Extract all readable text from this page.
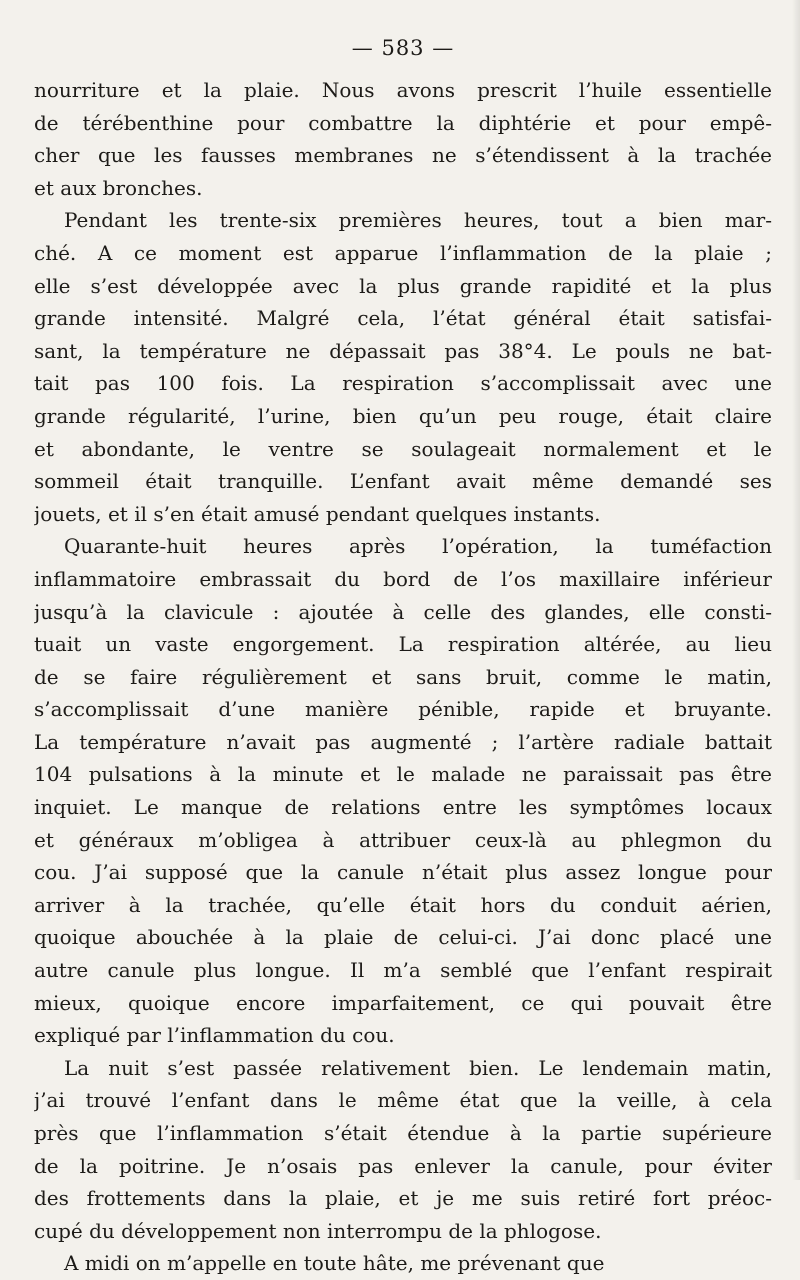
— 583 —

nourriture et la plaie. Nous avons prescrit l’huile essentielle
de térébenthine pour combattre la diphtérie et pour empê-
cher que les fausses membranes ne s’étendissent à la trachée
et aux bronches.

Pendant les trente-six premières heures, tout a bien mar-
ché. A ce moment est apparue l’inflammation de la plaie ;
elle s’est développée avec la plus grande rapidité et la plus
grande intensité. Malgré cela, l’état général était satisfai-
sant, la température ne dépassait pas 38°4. Le pouls ne bat-
tait pas 100 fois. La respiration s’accomplissait avec une
grande régularité, l’urine, bien qu’un peu rouge, était claire
et abondante, le ventre se soulageait normalement et le
sommeil était tranquille. L’enfant avait même demandé ses
jouets, et il s’en était amusé pendant quelques instants.

Quarante-huit heures après l’opération, la tuméfaction
inflammatoire embrassait du bord de l’os maxillaire inférieur
jusqu’à la clavicule : ajoutée à celle des glandes, elle consti-
tuait un vaste engorgement. La respiration altérée, au lieu
de se faire régulièrement et sans bruit, comme le matin,
s’accomplissait d’une manière pénible, rapide et bruyante.
La température n’avait pas augmenté ; l’artère radiale battait
104 pulsations à la minute et le malade ne paraissait pas être
inquiet. Le manque de relations entre les symptômes locaux
et généraux m’obligea à attribuer ceux-là au phlegmon du
cou. J’ai supposé que la canule n’était plus assez longue pour
arriver à la trachée, qu’elle était hors du conduit aérien,
quoique abouchée à la plaie de celui-ci. J’ai donc placé une
autre canule plus longue. Il m’a semblé que l’enfant respirait
mieux, quoique encore imparfaitement, ce qui pouvait être
expliqué par l’inflammation du cou.

La nuit s’est passée relativement bien. Le lendemain matin,
j’ai trouvé l’enfant dans le même état que la veille, à cela
près que l’inflammation s’était étendue à la partie supérieure
de la poitrine. Je n’osais pas enlever la canule, pour éviter
des frottements dans la plaie, et je me suis retiré fort préoc-
cupé du développement non interrompu de la phlogose.

A midi on m’appelle en toute hâte, me prévenant que
